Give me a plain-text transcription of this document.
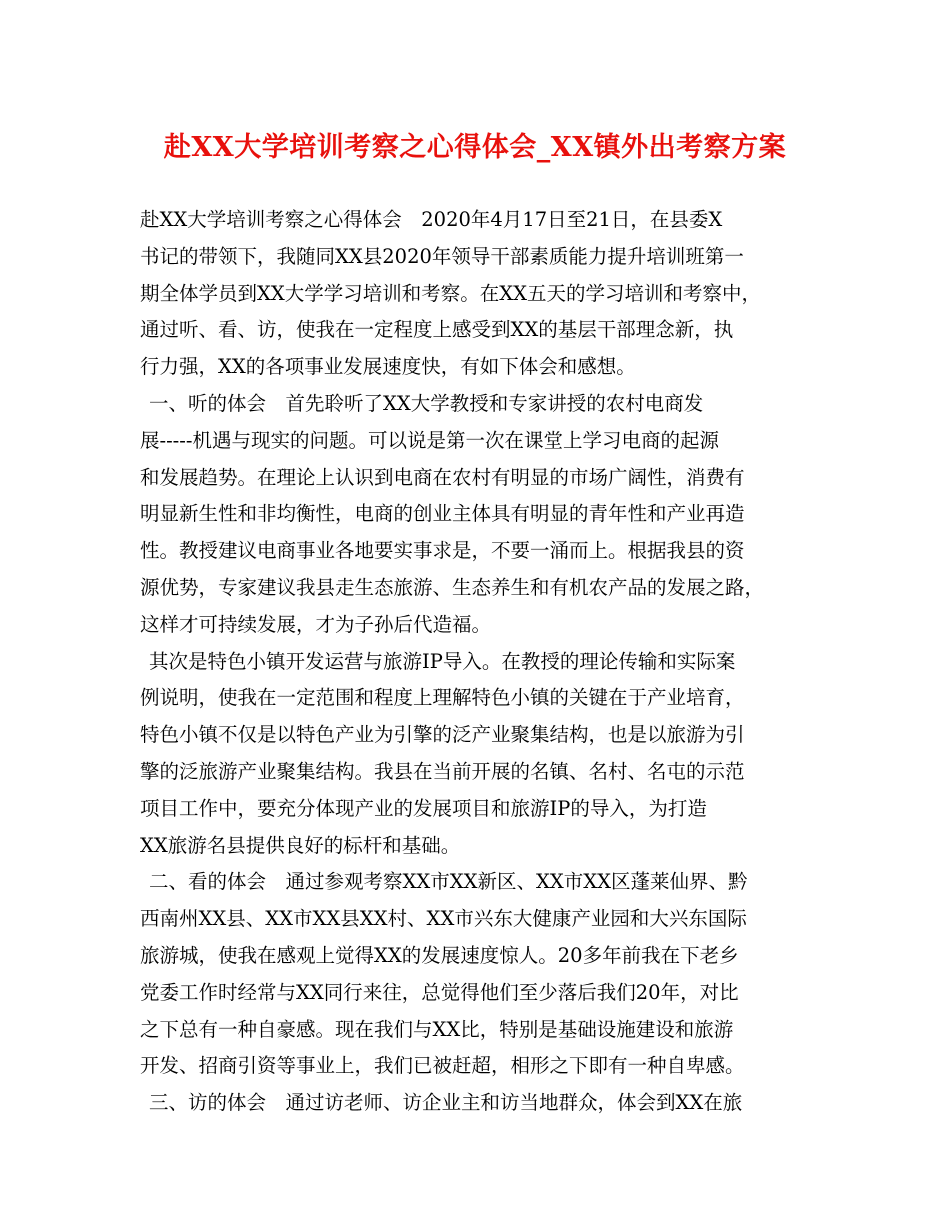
赴XX大学培训考察之心得体会_XX镇外出考察方案
赴XX大学培训考察之心得体会　2020年4月17日至21日，在县委X
书记的带领下，我随同XX县2020年领导干部素质能力提升培训班第一
期全体学员到XX大学学习培训和考察。在XX五天的学习培训和考察中，
通过听、看、访，使我在一定程度上感受到XX的基层干部理念新，执
行力强，XX的各项事业发展速度快，有如下体会和感想。
一、听的体会　首先聆听了XX大学教授和专家讲授的农村电商发
展-----机遇与现实的问题。可以说是第一次在课堂上学习电商的起源
和发展趋势。在理论上认识到电商在农村有明显的市场广阔性，消费有
明显新生性和非均衡性，电商的创业主体具有明显的青年性和产业再造
性。教授建议电商事业各地要实事求是，不要一涌而上。根据我县的资
源优势，专家建议我县走生态旅游、生态养生和有机农产品的发展之路，
这样才可持续发展，才为子孙后代造福。
其次是特色小镇开发运营与旅游IP导入。在教授的理论传输和实际案
例说明，使我在一定范围和程度上理解特色小镇的关键在于产业培育，
特色小镇不仅是以特色产业为引擎的泛产业聚集结构，也是以旅游为引
擎的泛旅游产业聚集结构。我县在当前开展的名镇、名村、名屯的示范
项目工作中，要充分体现产业的发展项目和旅游IP的导入，为打造
XX旅游名县提供良好的标杆和基础。
二、看的体会　通过参观考察XX市XX新区、XX市XX区蓬莱仙界、黔
西南州XX县、XX市XX县XX村、XX市兴东大健康产业园和大兴东国际
旅游城，使我在感观上觉得XX的发展速度惊人。20多年前我在下老乡
党委工作时经常与XX同行来往，总觉得他们至少落后我们20年，对比
之下总有一种自豪感。现在我们与XX比，特别是基础设施建设和旅游
开发、招商引资等事业上，我们已被赶超，相形之下即有一种自卑感。
三、访的体会　通过访老师、访企业主和访当地群众，体会到XX在旅
